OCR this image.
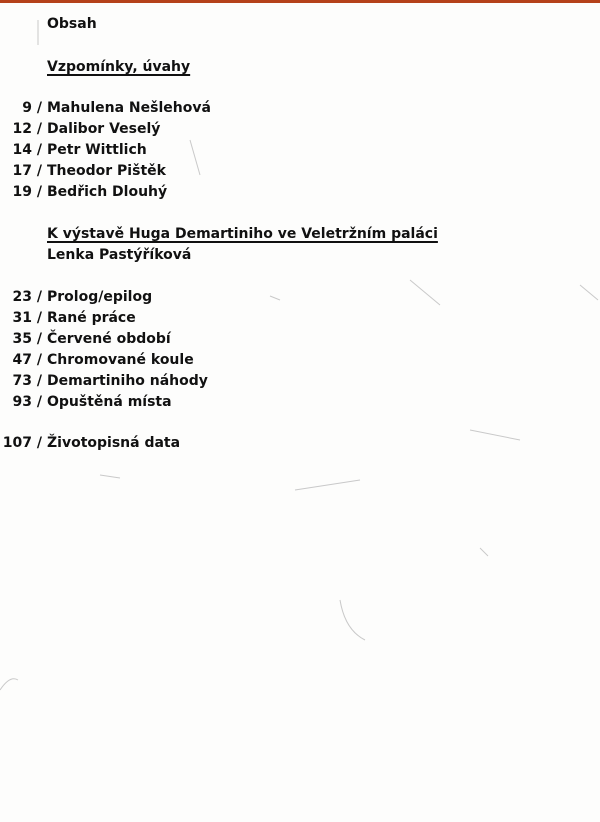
Obsah
Vzpomínky, úvahy
9 / Mahulena Nešlehová
12 / Dalibor Veselý
14 / Petr Wittlich
17 / Theodor Pištěk
19 / Bedřich Dlouhý
K výstavě Huga Demartiniho ve Veletržním paláci
Lenka Pastýříková
23 / Prolog/epilog
31 / Rané práce
35 / Červené období
47 / Chromované koule
73 / Demartiniho náhody
93 / Opuštěná místa
107 / Životopisná data
